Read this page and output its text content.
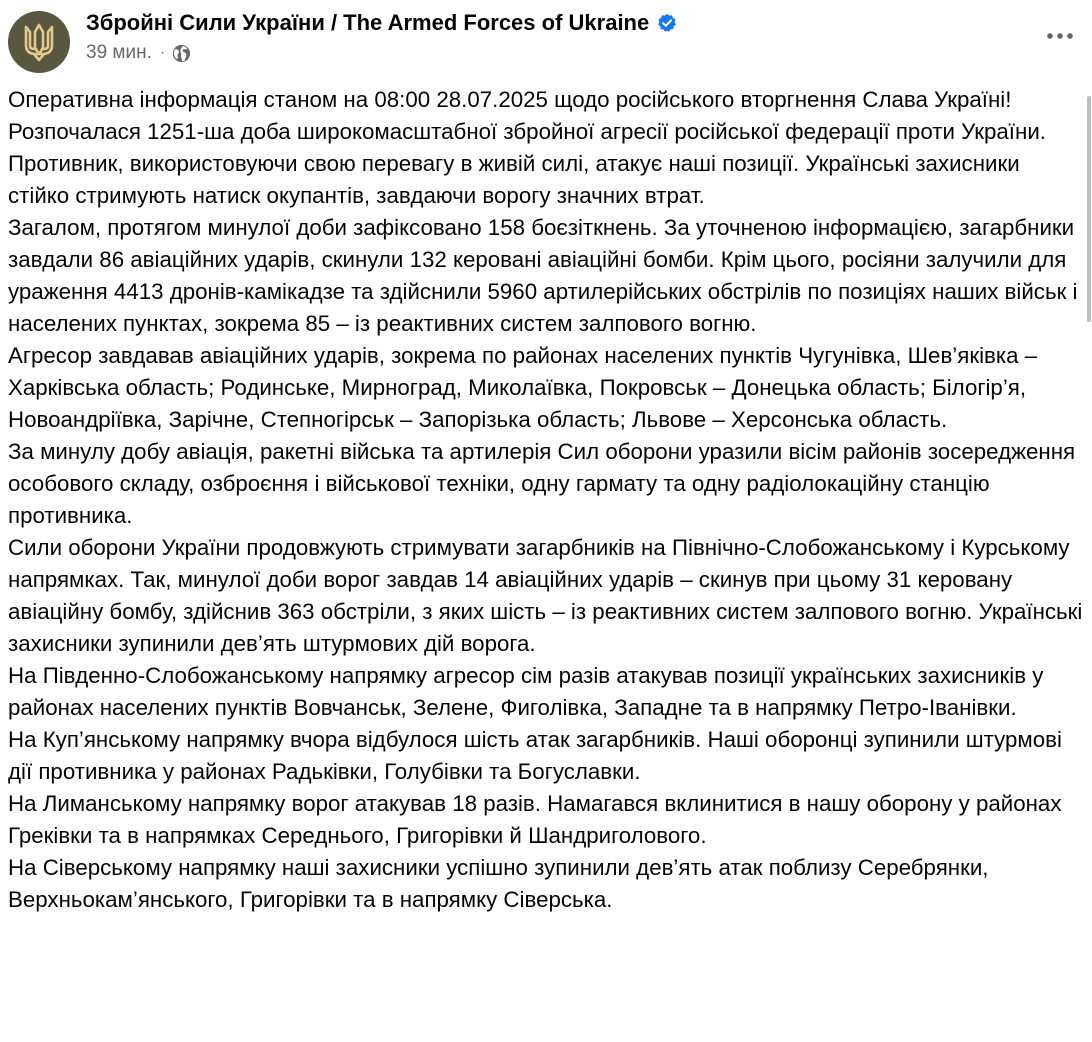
Збройні Сили України / The Armed Forces of Ukraine
39 мин. ·

Оперативна інформація станом на 08:00 28.07.2025 щодо російського вторгнення Слава Україні!

Розпочалася 1251-ша доба широкомасштабної збройної агресії російської федерації проти України. Противник, використовуючи свою перевагу в живій силі, атакує наші позиції. Українські захисники стійко стримують натиск окупантів, завдаючи ворогу значних втрат.

Загалом, протягом минулої доби зафіксовано 158 боєзіткнень. За уточненою інформацією, загарбники завдали 86 авіаційних ударів, скинули 132 керовані авіаційні бомби. Крім цього, росіяни залучили для ураження 4413 дронів-камікадзе та здійснили 5960 артилерійських обстрілів по позиціях наших військ і населених пунктах, зокрема 85 – із реактивних систем залпового вогню.

Агресор завдавав авіаційних ударів, зокрема по районах населених пунктів Чугунівка, Шев’яківка – Харківська область; Родинське, Мирноград, Миколаївка, Покровськ – Донецька область; Білогір’я, Новоандріївка, Зарічне, Степногірськ – Запорізька область; Львове – Херсонська область.

За минулу добу авіація, ракетні війська та артилерія Сил оборони уразили вісім районів зосередження особового складу, озброєння і військової техніки, одну гармату та одну радіолокаційну станцію противника.

Сили оборони України продовжують стримувати загарбників на Північно-Слобожанському і Курському напрямках. Так, минулої доби ворог завдав 14 авіаційних ударів – скинув при цьому 31 керовану авіаційну бомбу, здійснив 363 обстріли, з яких шість – із реактивних систем залпового вогню. Українські захисники зупинили дев’ять штурмових дій ворога.

На Південно-Слобожанському напрямку агресор сім разів атакував позиції українських захисників у районах населених пунктів Вовчанськ, Зелене, Фиголівка, Западне та в напрямку Петро-Іванівки.

На Куп’янському напрямку вчора відбулося шість атак загарбників. Наші оборонці зупинили штурмові дії противника у районах Радьківки, Голубівки та Богуславки.

На Лиманському напрямку ворог атакував 18 разів. Намагався вклинитися в нашу оборону у районах Греківки та в напрямках Середнього, Григорівки й Шандриголового.

На Сіверському напрямку наші захисники успішно зупинили дев’ять атак поблизу Серебрянки, Верхньокам’янського, Григорівки та в напрямку Сіверська.
